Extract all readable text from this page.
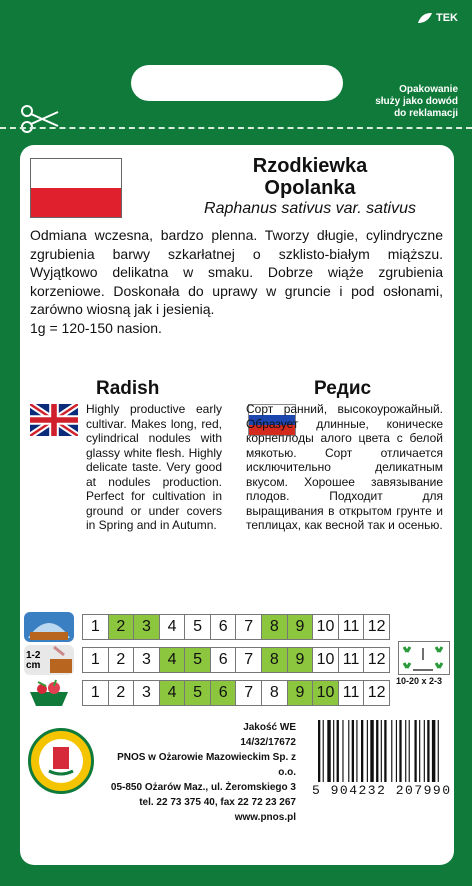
TEK
Opakowanie
służy jako dowód
do reklamacji
Rzodkiewka
Opolanka
Raphanus sativus var. sativus
Odmiana wczesna, bardzo plenna. Tworzy długie, cylindryczne zgrubienia barwy szkarłatnej o szklisto-białym miąższu. Wyjątkowo delikatna w smaku. Dobrze wiąże zgrubienia korzeniowe. Doskonała do uprawy w gruncie i pod osłonami, zarówno wiosną jak i jesienią.
1g = 120-150 nasion.
Radish	Редис
Highly productive early cultivar. Makes long, red, cylindrical nodules with glassy white flesh. Highly delicate taste. Very good at nodules production. Perfect for cultivation in ground or under covers in Spring and in Autumn.
Сорт ранний, высокоурожайный. Образует длинные, коническе корнеплоды алого цвета с белой мякотью. Сорт отличается исключительно деликатным вкусом. Хорошее завязывание плодов. Подходит для выращивания в открытом грунте и теплицах, как весной так и осенью.
1-2 cm
1	2	3	4	5	6	7	8	9 10 11 12
1	2	3	4	5	6	7	8	9 10 11 12
1	2	3	4	5	6	7	8	9 10 11 12
10-20 x 2-3
Jakość WE
14/32/17672
PNOS w Ożarowie Mazowieckim Sp. z o.o.
05-850 Ożarów Maz., ul. Żeromskiego 3
tel. 22 73 375 40, fax 22 72 23 267
www.pnos.pl
5 904232 207990
